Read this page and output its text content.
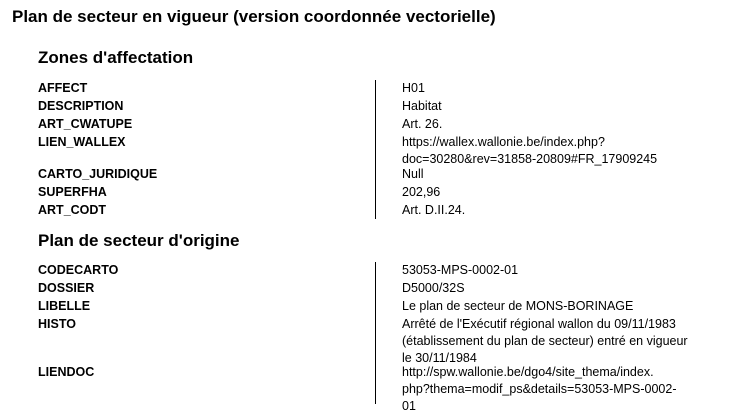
Plan de secteur en vigueur (version coordonnée vectorielle)
Zones d'affectation
AFFECT	H01
DESCRIPTION	Habitat
ART_CWATUPE	Art. 26.
LIEN_WALLEX	https://wallex.wallonie.be/index.php?
doc=30280&rev=31858-20809#FR_17909245
CARTO_JURIDIQUE	Null
SUPERFHA	202,96
ART_CODT	Art. D.II.24.
Plan de secteur d'origine
CODECARTO	53053-MPS-0002-01
DOSSIER	D5000/32S
LIBELLE	Le plan de secteur de MONS-BORINAGE
HISTO	Arrêté de l'Exécutif régional wallon du 09/11/1983
(établissement du plan de secteur) entré en vigueur
le 30/11/1984
LIENDOC	http://spw.wallonie.be/dgo4/site_thema/index.
php?thema=modif_ps&details=53053-MPS-0002-
01
